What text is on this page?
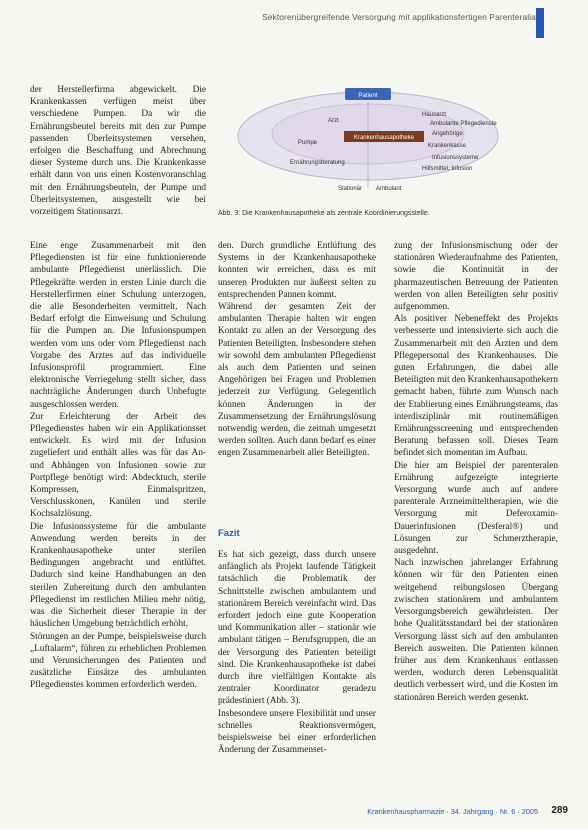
Sektorenübergreifende Versorgung mit applikationsfertigen Parenteralia

der Herstellerfirma abgewickelt. Die Krankenkassen verfügen meist über verschiedene Pumpen. Da wir die Ernährungsbeutel bereits mit den zur Pumpe passenden Überleitsystemen versehen, erfolgen die Beschaffung und Abrechnung dieser Systeme durch uns. Die Krankenkasse erhält dann von uns einen Kostenvoranschlag mit den Ernährungsbeuteln, der Pumpe und Überleitsystemen, ausgestellt wie bei vorzeitigem Stationsarzt.

Patient
Krankenhausapotheke
Arzt
Pumpe
Ernährungsberatung
Hausarzt
Ambulante Pflegedienste
Angehörige
Krankenkasse
Infusionssysteme
Hilfsmittel, Infusion
Stationär Ambulant
Abb. 3: Die Krankenhausapotheke als zentrale Koordinierungsstelle.

Eine enge Zusammenarbeit mit den Pflegediensten ist für eine funktionierende ambulante Pflegedienst unerlässlich. Die Pflegekräfte werden in ersten Linie durch die Herstellerfirmen einer Schulung unterzogen, die alle Besonderheiten vermittelt. Nach Bedarf erfolgt die Einweisung und Schulung für die Pumpen an. Die Infusionspumpen werden vom uns oder vom Pflegedienst nach Vorgabe des Arztes auf das individuelle Infusionsprofil programmiert. Eine elektronische Verriegelung stellt sicher, dass nachträgliche Änderungen durch Unbefugte ausgeschlossen werden.

Zur Erleichterung der Arbeit des Pflegedienstes haben wir ein Applikationsset entwickelt. Es wird mit der Infusion zugeliefert und enthält alles was für das An- und Abhängen von Infusionen sowie zur Portpflege benötigt wird: Abdecktuch, sterile Kompressen, Einmalspritzen, Verschlusskonen, Kanülen und sterile Kochsalzlösung.

Die Infusionssysteme für die ambulante Anwendung werden bereits in der Krankenhausapotheke unter sterilen Bedingungen angebracht und entlüftet. Dadurch sind keine Handhabungen an den sterilen Zubereitung durch den ambulanten Pflegedienst im restlichen Milieu mehr nötig, was die Sicherheit dieser Therapie in der häuslichen Umgebung beträchtlich erhöht.

Störungen an der Pumpe, beispielsweise durch „Luftalarm“, führen zu erheblichen Problemen und Verunsicherungen des Patienten und zusätzliche Einsätze des ambulanten Pflegedienstes kommen erforderlich werden.

den. Durch grundliche Entlüftung des Systems in der Krankenhausapotheke konnten wir erreichen, dass es mit unseren Produkten nur äußerst selten zu entsprechenden Pannen kommt.

Während der gesamten Zeit der ambulanten Therapie halten wir engen Kontakt zu allen an der Versorgung des Patienten Beteiligten. Insbesondere stehen wir sowohl dem ambulanten Pflegedienst als auch dem Patienten und seinen Angehörigen bei Fragen und Problemen jederzeit zur Verfügung. Gelegentlich können Änderungen in der Zusammensetzung der Ernährungslösung notwendig werden, die zeitnah umgesetzt werden sollten. Auch dann bedarf es einer engen Zusammenarbeit aller Beteiligten.

Fazit

Es hat sich gezeigt, dass durch unsere anfänglich als Projekt laufende Tätigkeit tatsächlich die Problematik der Schnittstelle zwischen ambulantem und stationärem Bereich vereinfacht wird. Das erfordert jedoch eine gute Kooperation und Kommunikation aller – stationär wie ambulant tätigen – Berufsgruppen, die an der Versorgung des Patienten beteiligt sind. Die Krankenhausapotheke ist dabei durch ihre vielfältigen Kontakte als zentraler Koordinator geradezu prädestiniert (Abb. 3).

Insbesondere unsere Flexibilität und unser schnelles Reaktionsvermögen, beispielsweise bei einer erforderlichen Änderung der Zusammenset-

zung der Infusionsmischung oder der stationären Wiederaufnahme des Patienten, sowie die Kontinuität in der pharmazeutischen Betreuung der Patienten werden von allen Beteiligten sehr positiv aufgenommen.

Als positiver Nebeneffekt des Projekts verbesserte und intensivierte sich auch die Zusammenarbeit mit den Ärzten und dem Pflegepersonal des Krankenhauses. Die guten Erfahrungen, die dabei alle Beteiligten mit den Krankenhausapothekern gemacht haben, führte zum Wunsch nach der Etablierung eines Ernährungsteams, das interdisziplinär mit routinemäßigen Ernährungsscreening und entsprechenden Beratung befassen soll. Dieses Team befindet sich momentan im Aufbau.

Die hier am Beispiel der parenteralen Ernährung aufgezeigte integrierte Versorgung wurde auch auf andere parenterale Arzneimitteltherapien, wie die Versorgung mit Deferoxamin-Dauerinfusionen (Desferal®) und Lösungen zur Schmerztherapie, ausgedehnt.

Nach inzwischen jahrelanger Erfahrung können wir für den Patienten einen weitgehend reibungslosen Übergang zwischen stationärem und ambulantem Versorgungsbereich gewährleisten. Der hohe Qualitätsstandard bei der stationären Versorgung lässt sich auf den ambulanten Bereich ausweiten. Die Patienten können früher aus dem Krankenhaus entlassen werden, wodurch deren Lebensqualität deutlich verbessert wird, und die Kosten im stationären Bereich werden gesenkt.

Krankenhauspharmazie · 34. Jahrgang · Nr. 6 · 2005 289
